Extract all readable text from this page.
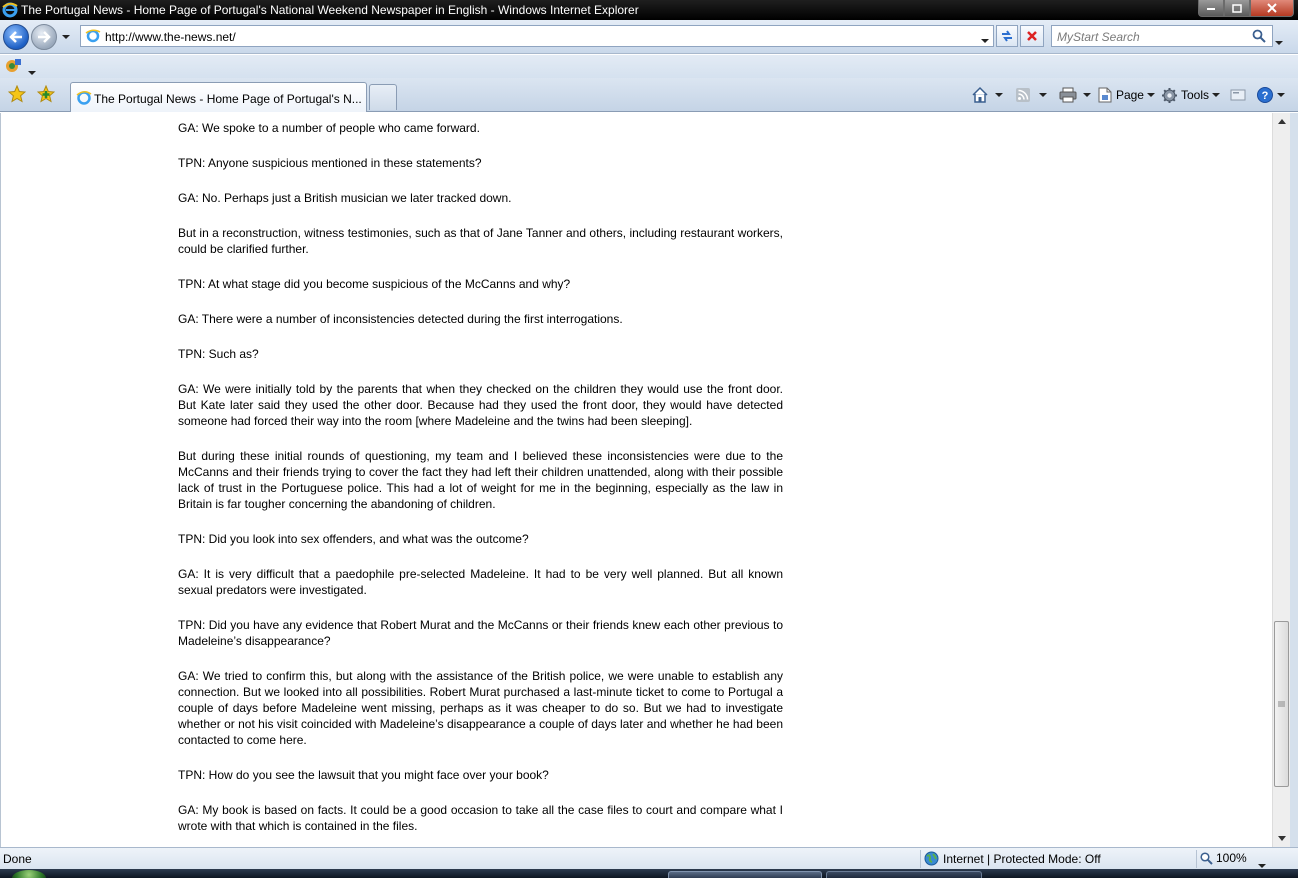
The Portugal News - Home Page of Portugal's National Weekend Newspaper in English - Windows Internet Explorer
http://www.the-news.net/	MyStart Search
The Portugal News - Home Page of Portugal's N...	Page	Tools	?

GA: We spoke to a number of people who came forward.

TPN: Anyone suspicious mentioned in these statements?

GA: No. Perhaps just a British musician we later tracked down.

But in a reconstruction, witness testimonies, such as that of Jane Tanner and others, including restaurant workers, could be clarified further.

TPN: At what stage did you become suspicious of the McCanns and why?

GA: There were a number of inconsistencies detected during the first interrogations.

TPN: Such as?

GA: We were initially told by the parents that when they checked on the children they would use the front door. But Kate later said they used the other door. Because had they used the front door, they would have detected someone had forced their way into the room [where Madeleine and the twins had been sleeping].

But during these initial rounds of questioning, my team and I believed these inconsistencies were due to the McCanns and their friends trying to cover the fact they had left their children unattended, along with their possible lack of trust in the Portuguese police. This had a lot of weight for me in the beginning, especially as the law in Britain is far tougher concerning the abandoning of children.

TPN: Did you look into sex offenders, and what was the outcome?

GA: It is very difficult that a paedophile pre-selected Madeleine. It had to be very well planned. But all known sexual predators were investigated.

TPN: Did you have any evidence that Robert Murat and the McCanns or their friends knew each other previous to Madeleine’s disappearance?

GA: We tried to confirm this, but along with the assistance of the British police, we were unable to establish any connection. But we looked into all possibilities. Robert Murat purchased a last-minute ticket to come to Portugal a couple of days before Madeleine went missing, perhaps as it was cheaper to do so. But we had to investigate whether or not his visit coincided with Madeleine’s disappearance a couple of days later and whether he had been contacted to come here.

TPN: How do you see the lawsuit that you might face over your book?

GA: My book is based on facts. It could be a good occasion to take all the case files to court and compare what I wrote with that which is contained in the files.

Done	Internet | Protected Mode: Off	100%
